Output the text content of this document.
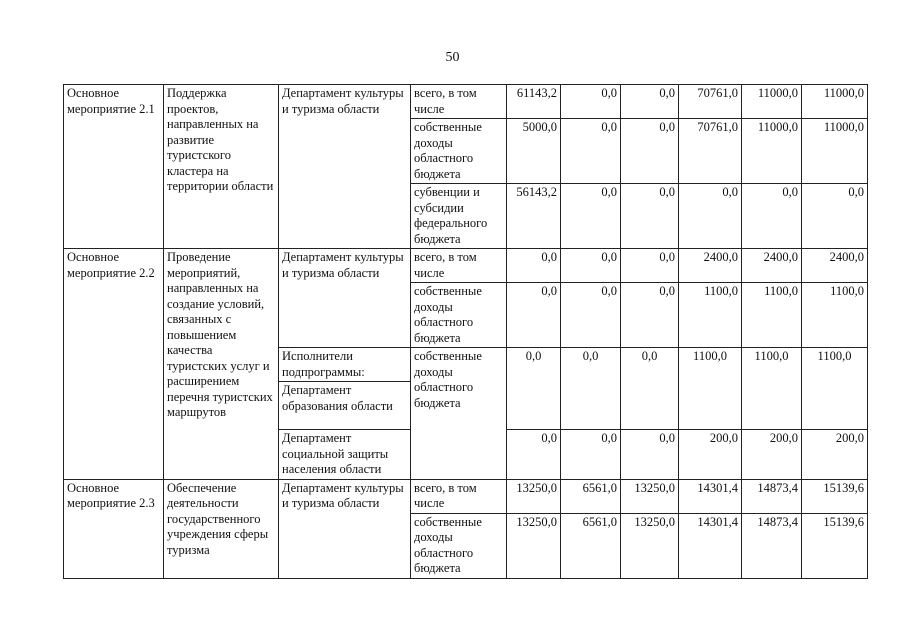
50
Основное мероприятие 2.1	Поддержка проектов, направленных на развитие туристского кластера на территории области	Департамент культуры и туризма области	всего, в том числе	61143,2	0,0	0,0	70761,0	11000,0	11000,0
			собственные доходы областного бюджета	5000,0	0,0	0,0	70761,0	11000,0	11000,0
			субвенции и субсидии федерального бюджета	56143,2	0,0	0,0	0,0	0,0	0,0
Основное мероприятие 2.2	Проведение мероприятий, направленных на создание условий, связанных с повышением качества туристских услуг и расширением перечня туристских маршрутов	Департамент культуры и туризма области	всего, в том числе	0,0	0,0	0,0	2400,0	2400,0	2400,0
			собственные доходы областного бюджета	0,0	0,0	0,0	1100,0	1100,0	1100,0
		Исполнители подпрограммы:	собственные доходы областного бюджета	0,0	0,0	0,0	1100,0	1100,0	1100,0
		Департамент образования области							

		Департамент социальной защиты населения области		0,0	0,0	0,0	200,0	200,0	200,0
Основное мероприятие 2.3	Обеспечение деятельности государственного учреждения сферы туризма	Департамент культуры и туризма области	всего, в том числе	13250,0	6561,0	13250,0	14301,4	14873,4	15139,6
			собственные доходы областного бюджета	13250,0	6561,0	13250,0	14301,4	14873,4	15139,6
